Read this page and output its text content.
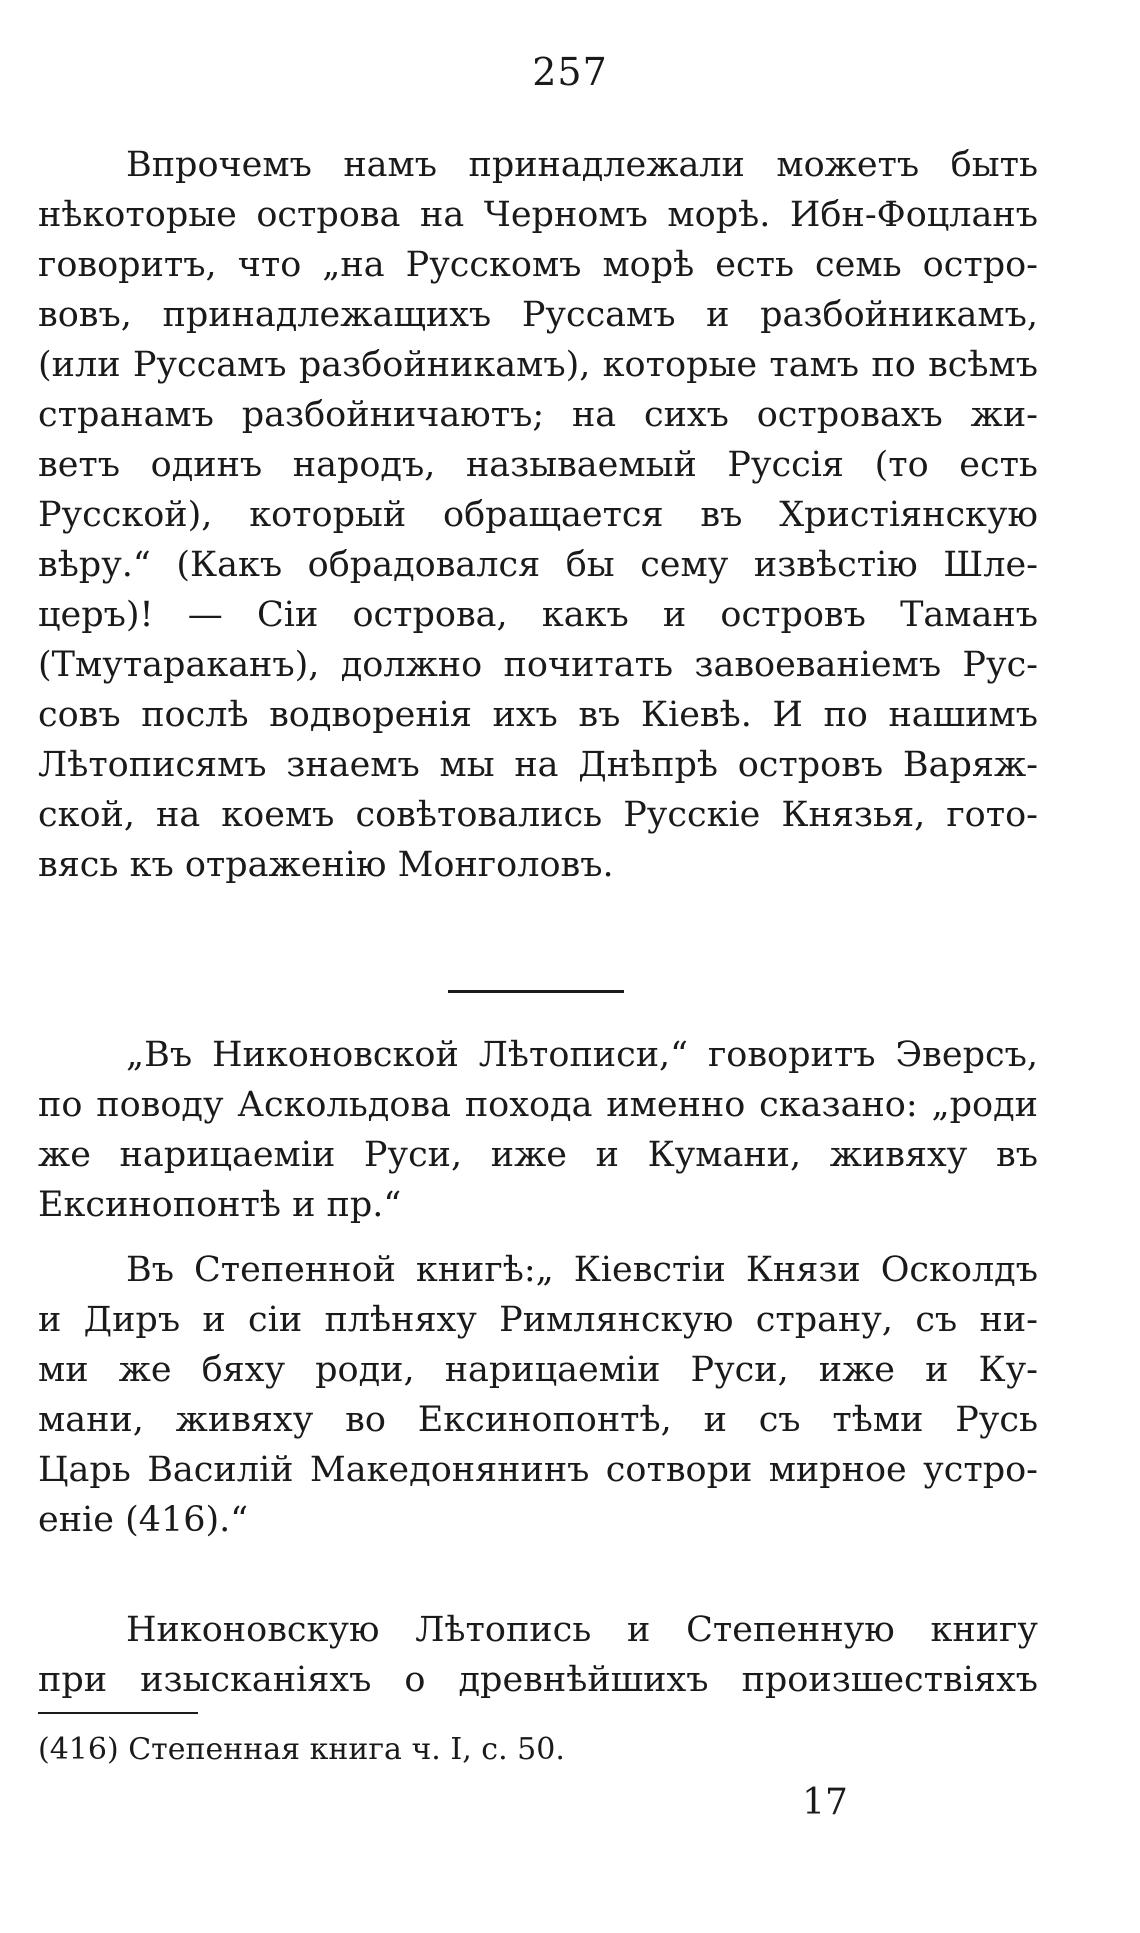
257
Впрочемъ намъ принадлежали можетъ быть
нѣкоторые острова на Черномъ морѣ. Ибн-Фоцланъ
говоритъ, что „на Русскомъ морѣ есть семь остро-
вовъ, принадлежащихъ Руссамъ и разбойникамъ,
(или Руссамъ разбойникамъ), которые тамъ по всѣмъ
странамъ разбойничаютъ; на сихъ островахъ жи-
ветъ одинъ народъ, называемый Руссія (то есть
Русской), который обращается въ Христіянскую
вѣру.“ (Какъ обрадовался бы сему извѣстію Шле-
церъ)! — Сіи острова, какъ и островъ Таманъ
(Тмутараканъ), должно почитать завоеваніемъ Рус-
совъ послѣ водворенія ихъ въ Кіевѣ. И по нашимъ
Лѣтописямъ знаемъ мы на Днѣпрѣ островъ Варяж-
ской, на коемъ совѣтовались Русскіе Князья, гото-
вясь къ отраженію Монголовъ.
„Въ Никоновской Лѣтописи,“ говоритъ Эверсъ,
по поводу Аскольдова похода именно сказано: „роди
же нарицаеміи Руси, иже и Кумани, живяху въ
Ексинопонтѣ и пр.“
Въ Степенной книгѣ:„ Кіевстіи Князи Осколдъ
и Диръ и сіи плѣняху Римлянскую страну, съ ни-
ми же бяху роди, нарицаеміи Руси, иже и Ку-
мани, живяху во Ексинопонтѣ, и съ тѣми Русь
Царь Василій Македонянинъ сотвори мирное устро-
еніе (416).“
Никоновскую Лѣтопись и Степенную книгу
при изысканіяхъ о древнѣйшихъ произшествіяхъ
(416) Степенная книга ч. I, с. 50.
17
